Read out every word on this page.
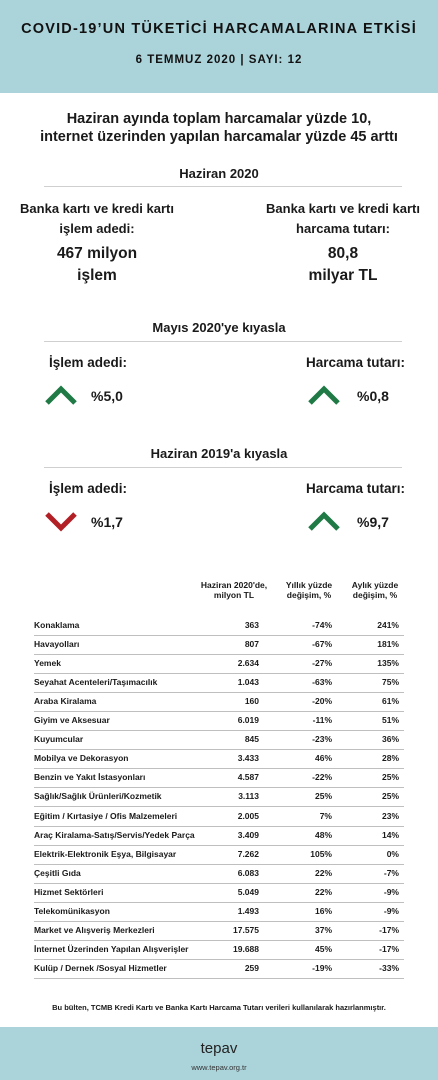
COVID-19’UN TÜKETİCİ HARCAMALARINA ETKİSİ
6 TEMMUZ 2020 | SAYI: 12
Haziran ayında toplam harcamalar yüzde 10,
internet üzerinden yapılan harcamalar yüzde 45 arttı
Haziran 2020
Banka kartı ve kredi kartı
işlem adedi:
Banka kartı ve kredi kartı
harcama tutarı:
467 milyon
işlem
80,8
milyar TL
Mayıs 2020'ye kıyasla
İşlem adedi:	Harcama tutarı:
%5,0	%0,8
Haziran 2019'a kıyasla
İşlem adedi:	Harcama tutarı:
%1,7	%9,7
Haziran 2020'de, milyon TL
Yıllık yüzde değişim, %
Aylık yüzde değişim, %
Konaklama	363	-74%	241%
Havayolları	807	-67%	181%
Yemek	2.634	-27%	135%
Seyahat Acenteleri/Taşımacılık	1.043	-63%	75%
Araba Kiralama	160	-20%	61%
Giyim ve Aksesuar	6.019	-11%	51%
Kuyumcular	845	-23%	36%
Mobilya ve Dekorasyon	3.433	46%	28%
Benzin ve Yakıt İstasyonları	4.587	-22%	25%
Sağlık/Sağlık Ürünleri/Kozmetik	3.113	25%	25%
Eğitim / Kırtasiye / Ofis Malzemeleri	2.005	7%	23%
Araç Kiralama-Satış/Servis/Yedek Parça	3.409	48%	14%
Elektrik-Elektronik Eşya, Bilgisayar	7.262	105%	0%
Çeşitli Gıda	6.083	22%	-7%
Hizmet Sektörleri	5.049	22%	-9%
Telekomünikasyon	1.493	16%	-9%
Market ve Alışveriş Merkezleri	17.575	37%	-17%
İnternet Üzerinden Yapılan Alışverişler	19.688	45%	-17%
Kulüp / Dernek /Sosyal Hizmetler	259	-19%	-33%
Bu bülten, TCMB Kredi Kartı ve Banka Kartı Harcama Tutarı verileri kullanılarak hazırlanmıştır.
tepav
www.tepav.org.tr
